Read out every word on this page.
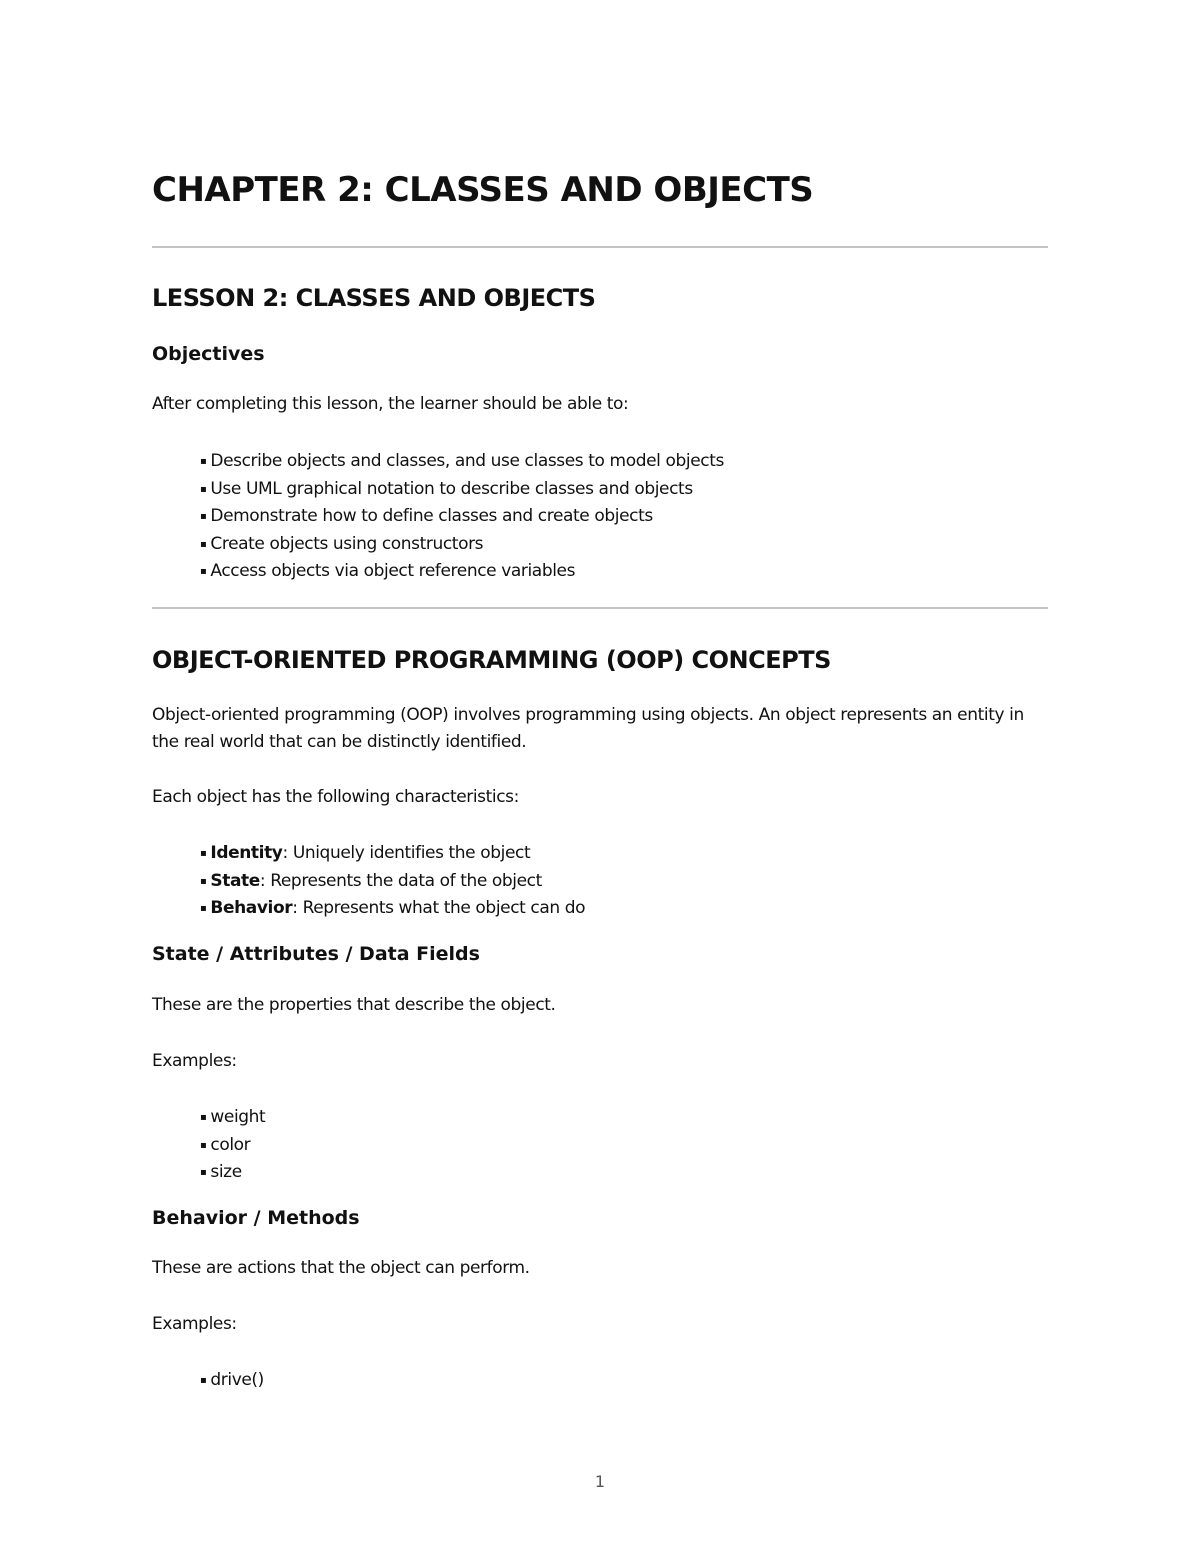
CHAPTER 2: CLASSES AND OBJECTS
LESSON 2: CLASSES AND OBJECTS
Objectives

After completing this lesson, the learner should be able to:

▪ Describe objects and classes, and use classes to model objects
▪ Use UML graphical notation to describe classes and objects
▪ Demonstrate how to define classes and create objects
▪ Create objects using constructors
▪ Access objects via object reference variables
OBJECT-ORIENTED PROGRAMMING (OOP) CONCEPTS

Object-oriented programming (OOP) involves programming using objects. An object represents an entity in the real world that can be distinctly identified.

Each object has the following characteristics:

▪ Identity: Uniquely identifies the object
▪ State: Represents the data of the object
▪ Behavior: Represents what the object can do
State / Attributes / Data Fields

These are the properties that describe the object.

Examples:

▪ weight
▪ color
▪ size
Behavior / Methods

These are actions that the object can perform.

Examples:

▪ drive()
1
